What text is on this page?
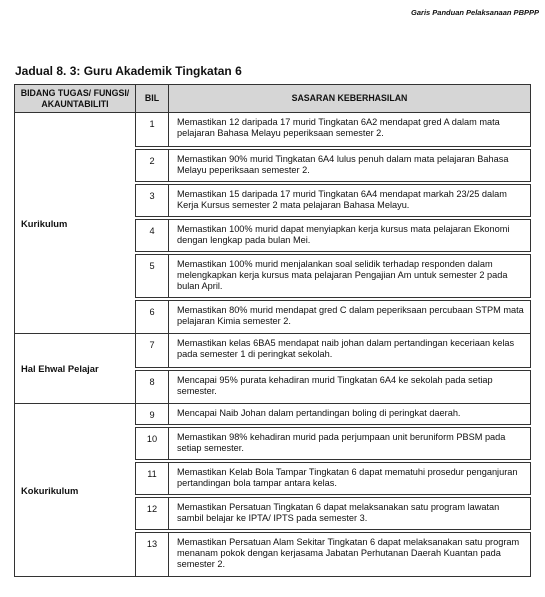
Garis Panduan Pelaksanaan PBPPP
Jadual 8. 3: Guru Akademik Tingkatan 6
BIDANG TUGAS/ FUNGSI/ AKAUNTABILITI	BIL	SASARAN KEBERHASILAN
Kurikulum	1	Memastikan 12 daripada 17 murid Tingkatan 6A2 mendapat gred A dalam mata pelajaran Bahasa Melayu peperiksaan semester 2.
	2	Memastikan 90% murid Tingkatan 6A4 lulus penuh dalam mata pelajaran Bahasa Melayu peperiksaan semester 2.
	3	Memastikan 15 daripada 17 murid Tingkatan 6A4 mendapat markah 23/25 dalam Kerja Kursus semester 2 mata pelajaran Bahasa Melayu.
	4	Memastikan 100% murid dapat menyiapkan kerja kursus mata pelajaran Ekonomi dengan lengkap pada bulan Mei.
	5	Memastikan 100% murid menjalankan soal selidik terhadap responden dalam melengkapkan kerja kursus mata pelajaran Pengajian Am untuk semester 2 pada bulan April.
	6	Memastikan 80% murid mendapat gred C dalam peperiksaan percubaan STPM mata pelajaran Kimia semester 2.
Hal Ehwal Pelajar	7	Memastikan kelas 6BA5 mendapat naib johan dalam pertandingan keceriaan kelas pada semester 1 di peringkat sekolah.
	8	Mencapai 95% purata kehadiran murid Tingkatan 6A4 ke sekolah pada setiap semester.
Kokurikulum	9	Mencapai Naib Johan dalam pertandingan boling di peringkat daerah.
	10	Memastikan 98% kehadiran murid pada perjumpaan unit beruniform PBSM pada setiap semester.
	11	Memastikan Kelab Bola Tampar Tingkatan 6 dapat mematuhi prosedur penganjuran pertandingan bola tampar antara kelas.
	12	Memastikan Persatuan Tingkatan 6 dapat melaksanakan satu program lawatan sambil belajar ke IPTA/ IPTS pada semester 3.
	13	Memastikan Persatuan Alam Sekitar Tingkatan 6 dapat melaksanakan satu program menanam pokok dengan kerjasama Jabatan Perhutanan Daerah Kuantan pada semester 2.
